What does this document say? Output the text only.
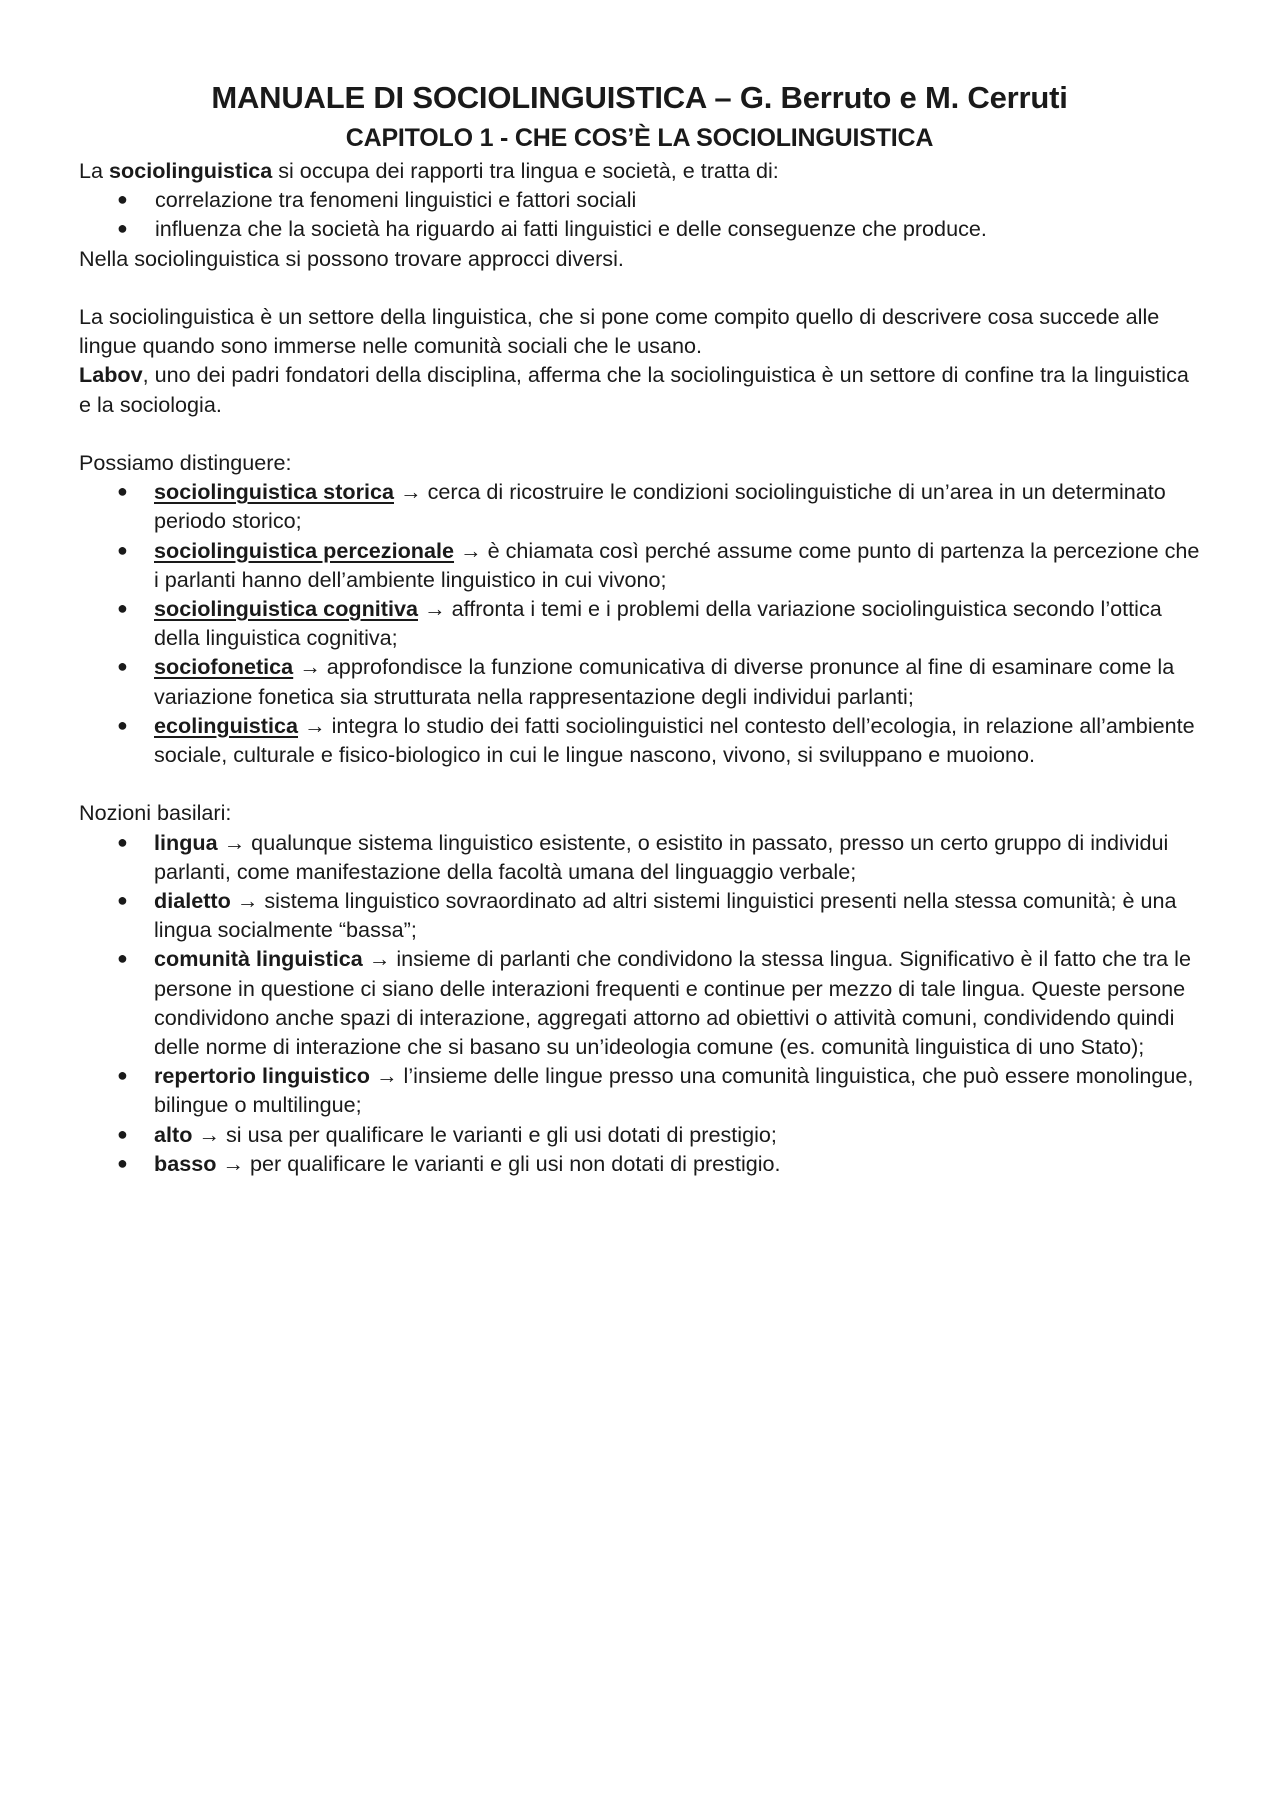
MANUALE DI SOCIOLINGUISTICA – G. Berruto e M. Cerruti
CAPITOLO 1 - CHE COS’È LA SOCIOLINGUISTICA

La sociolinguistica si occupa dei rapporti tra lingua e società, e tratta di:

● correlazione tra fenomeni linguistici e fattori sociali
● influenza che la società ha riguardo ai fatti linguistici e delle conseguenze che produce.

Nella sociolinguistica si possono trovare approcci diversi.

La sociolinguistica è un settore della linguistica, che si pone come compito quello di descrivere cosa succede alle lingue quando sono immerse nelle comunità sociali che le usano.

Labov, uno dei padri fondatori della disciplina, afferma che la sociolinguistica è un settore di confine tra la linguistica e la sociologia.

Possiamo distinguere:

● sociolinguistica storica → cerca di ricostruire le condizioni sociolinguistiche di un’area in un determinato periodo storico;
● sociolinguistica percezionale → è chiamata così perché assume come punto di partenza la percezione che i parlanti hanno dell’ambiente linguistico in cui vivono;
● sociolinguistica cognitiva → affronta i temi e i problemi della variazione sociolinguistica secondo l’ottica della linguistica cognitiva;
● sociofonetica → approfondisce la funzione comunicativa di diverse pronunce al fine di esaminare come la variazione fonetica sia strutturata nella rappresentazione degli individui parlanti;
● ecolinguistica → integra lo studio dei fatti sociolinguistici nel contesto dell’ecologia, in relazione all’ambiente sociale, culturale e fisico-biologico in cui le lingue nascono, vivono, si sviluppano e muoiono.

Nozioni basilari:

● lingua → qualunque sistema linguistico esistente, o esistito in passato, presso un certo gruppo di individui parlanti, come manifestazione della facoltà umana del linguaggio verbale;
● dialetto → sistema linguistico sovraordinato ad altri sistemi linguistici presenti nella stessa comunità; è una lingua socialmente “bassa”;
● comunità linguistica → insieme di parlanti che condividono la stessa lingua. Significativo è il fatto che tra le persone in questione ci siano delle interazioni frequenti e continue per mezzo di tale lingua. Queste persone condividono anche spazi di interazione, aggregati attorno ad obiettivi o attività comuni, condividendo quindi delle norme di interazione che si basano su un’ideologia comune (es. comunità linguistica di uno Stato);
● repertorio linguistico → l’insieme delle lingue presso una comunità linguistica, che può essere monolingue, bilingue o multilingue;
● alto → si usa per qualificare le varianti e gli usi dotati di prestigio;
● basso → per qualificare le varianti e gli usi non dotati di prestigio.
